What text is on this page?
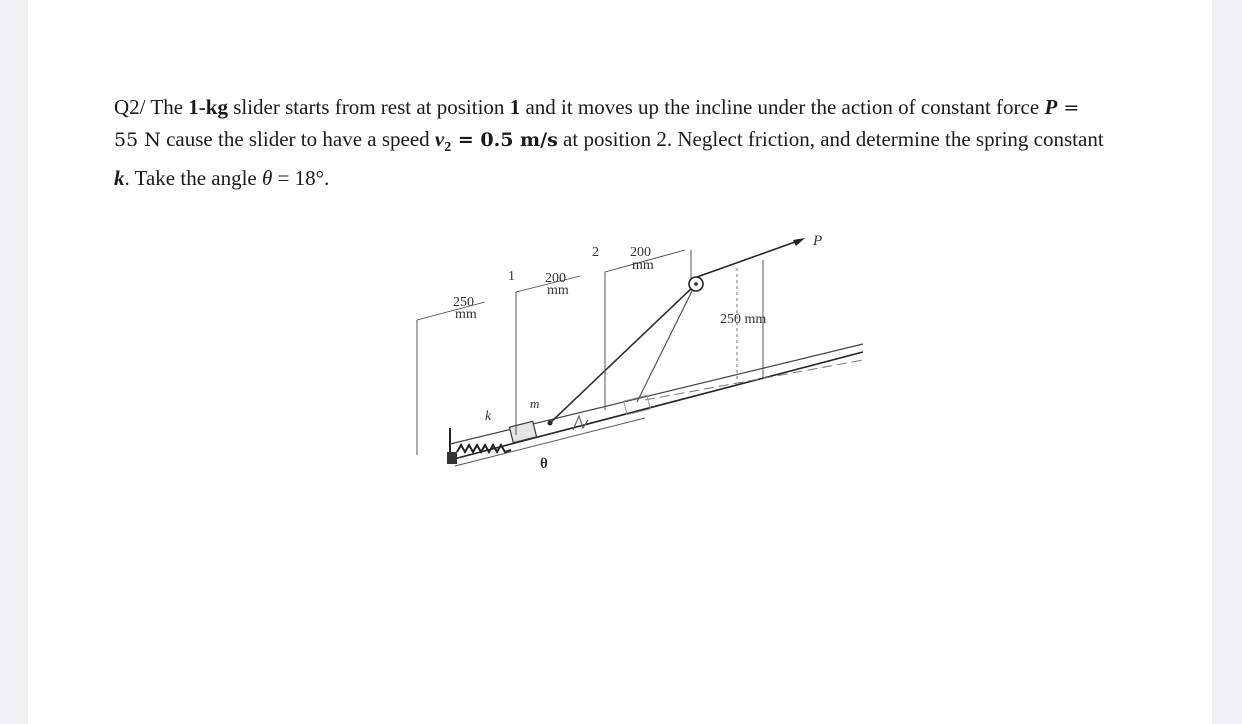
Q2/ The 1-kg slider starts from rest at position 1 and it moves up the incline under the action of constant force P = 55 N cause the slider to have a speed $v_2 = 0.5$ m/s at position 2. Neglect friction, and determine the spring constant k. Take the angle θ = 18°.
250
mm
1 200
mm
2 200
mm
P
250 mm
k
m
θ
